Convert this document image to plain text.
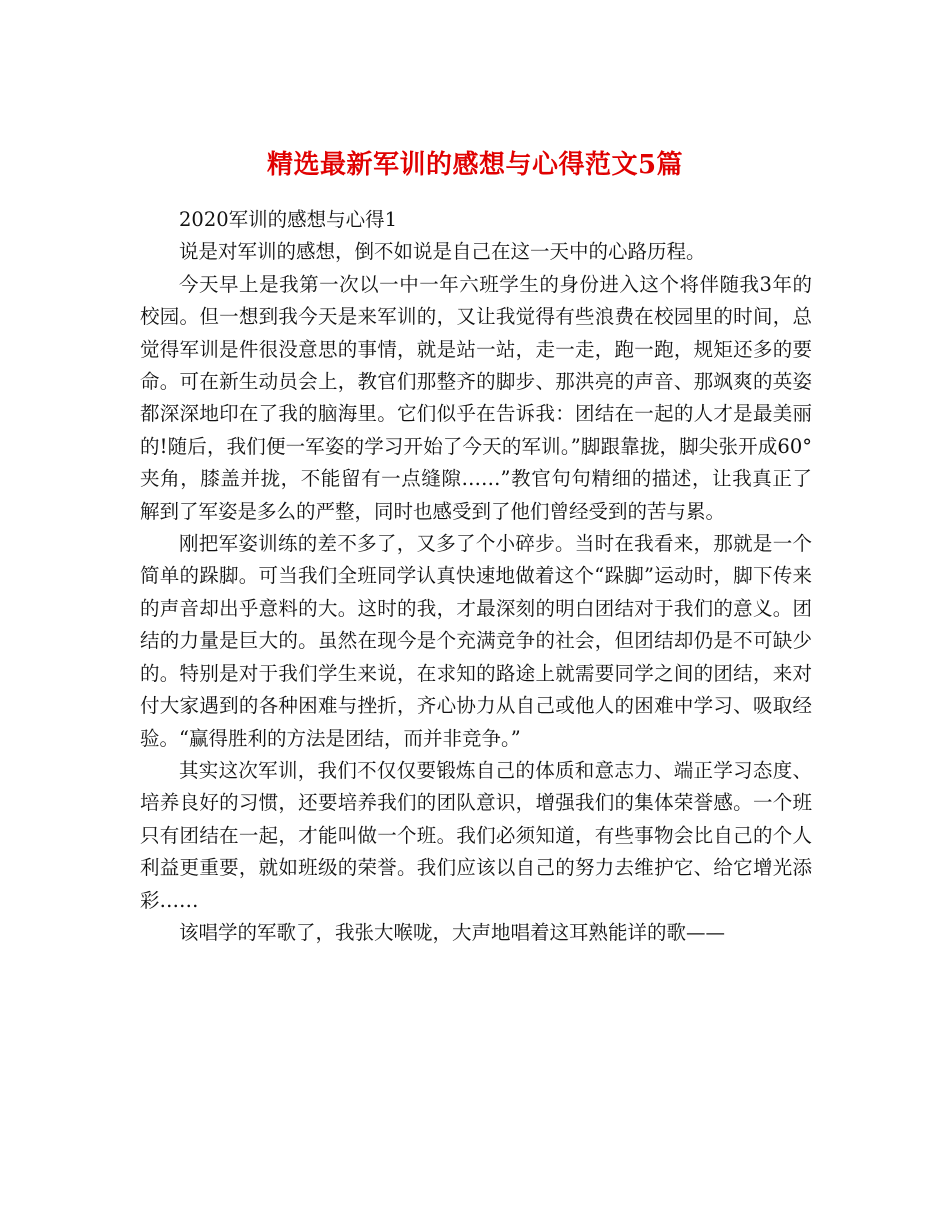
精选最新军训的感想与心得范文5篇

2020军训的感想与心得1

说是对军训的感想，倒不如说是自己在这一天中的心路历程。

今天早上是我第一次以一中一年六班学生的身份进入这个将伴随我3年的校园。但一想到我今天是来军训的，又让我觉得有些浪费在校园里的时间，总觉得军训是件很没意思的事情，就是站一站，走一走，跑一跑，规矩还多的要命。可在新生动员会上，教官们那整齐的脚步、那洪亮的声音、那飒爽的英姿都深深地印在了我的脑海里。它们似乎在告诉我：团结在一起的人才是最美丽的!随后，我们便一军姿的学习开始了今天的军训。”脚跟靠拢，脚尖张开成60°夹角，膝盖并拢，不能留有一点缝隙……”教官句句精细的描述，让我真正了解到了军姿是多么的严整，同时也感受到了他们曾经受到的苦与累。

刚把军姿训练的差不多了，又多了个小碎步。当时在我看来，那就是一个简单的跺脚。可当我们全班同学认真快速地做着这个“跺脚”运动时，脚下传来的声音却出乎意料的大。这时的我，才最深刻的明白团结对于我们的意义。团结的力量是巨大的。虽然在现今是个充满竞争的社会，但团结却仍是不可缺少的。特别是对于我们学生来说，在求知的路途上就需要同学之间的团结，来对付大家遇到的各种困难与挫折，齐心协力从自己或他人的困难中学习、吸取经验。“赢得胜利的方法是团结，而并非竞争。”

其实这次军训，我们不仅仅要锻炼自己的体质和意志力、端正学习态度、培养良好的习惯，还要培养我们的团队意识，增强我们的集体荣誉感。一个班只有团结在一起，才能叫做一个班。我们必须知道，有些事物会比自己的个人利益更重要，就如班级的荣誉。我们应该以自己的努力去维护它、给它增光添彩……

该唱学的军歌了，我张大喉咙，大声地唱着这耳熟能详的歌——
